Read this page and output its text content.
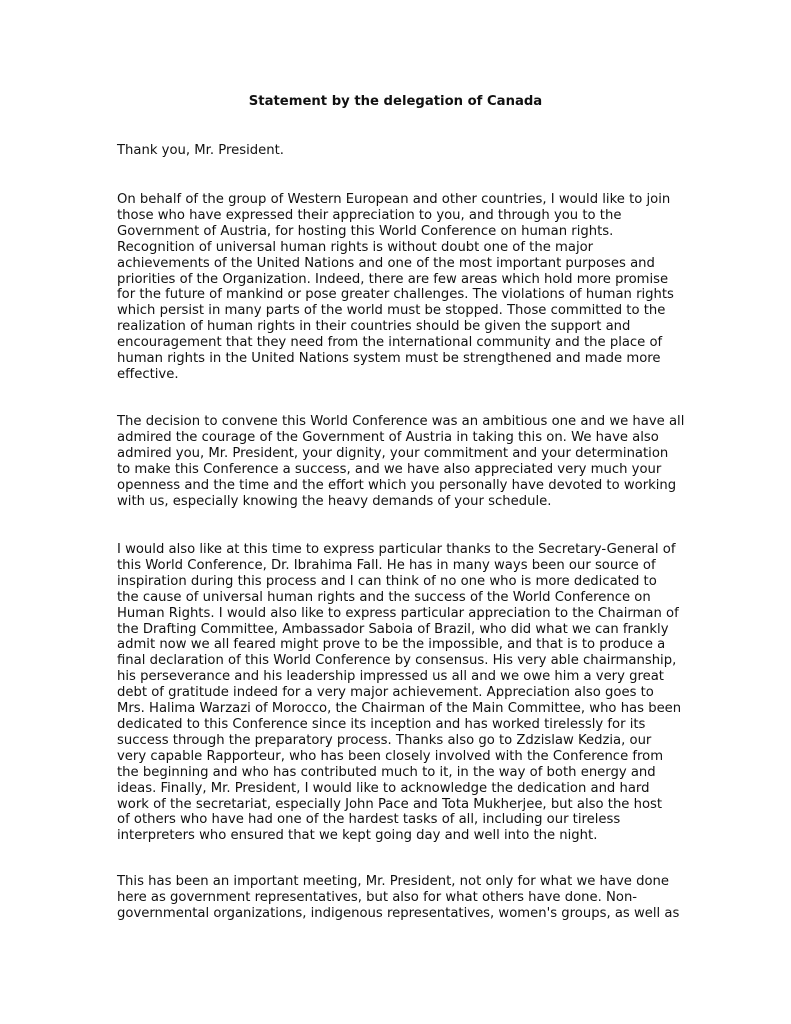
Statement by the delegation of Canada
Thank you, Mr. President.
On behalf of the group of Western European and other countries, I would like to join
those who have expressed their appreciation to you, and through you to the
Government of Austria, for hosting this World Conference on human rights.
Recognition of universal human rights is without doubt one of the major
achievements of the United Nations and one of the most important purposes and
priorities of the Organization. Indeed, there are few areas which hold more promise
for the future of mankind or pose greater challenges. The violations of human rights
which persist in many parts of the world must be stopped. Those committed to the
realization of human rights in their countries should be given the support and
encouragement that they need from the international community and the place of
human rights in the United Nations system must be strengthened and made more
effective.
The decision to convene this World Conference was an ambitious one and we have all
admired the courage of the Government of Austria in taking this on. We have also
admired you, Mr. President, your dignity, your commitment and your determination
to make this Conference a success, and we have also appreciated very much your
openness and the time and the effort which you personally have devoted to working
with us, especially knowing the heavy demands of your schedule.
I would also like at this time to express particular thanks to the Secretary-General of
this World Conference, Dr. Ibrahima Fall. He has in many ways been our source of
inspiration during this process and I can think of no one who is more dedicated to
the cause of universal human rights and the success of the World Conference on
Human Rights. I would also like to express particular appreciation to the Chairman of
the Drafting Committee, Ambassador Saboia of Brazil, who did what we can frankly
admit now we all feared might prove to be the impossible, and that is to produce a
final declaration of this World Conference by consensus. His very able chairmanship,
his perseverance and his leadership impressed us all and we owe him a very great
debt of gratitude indeed for a very major achievement. Appreciation also goes to
Mrs. Halima Warzazi of Morocco, the Chairman of the Main Committee, who has been
dedicated to this Conference since its inception and has worked tirelessly for its
success through the preparatory process. Thanks also go to Zdzislaw Kedzia, our
very capable Rapporteur, who has been closely involved with the Conference from
the beginning and who has contributed much to it, in the way of both energy and
ideas. Finally, Mr. President, I would like to acknowledge the dedication and hard
work of the secretariat, especially John Pace and Tota Mukherjee, but also the host
of others who have had one of the hardest tasks of all, including our tireless
interpreters who ensured that we kept going day and well into the night.
This has been an important meeting, Mr. President, not only for what we have done
here as government representatives, but also for what others have done. Non-
governmental organizations, indigenous representatives, women's groups, as well as
